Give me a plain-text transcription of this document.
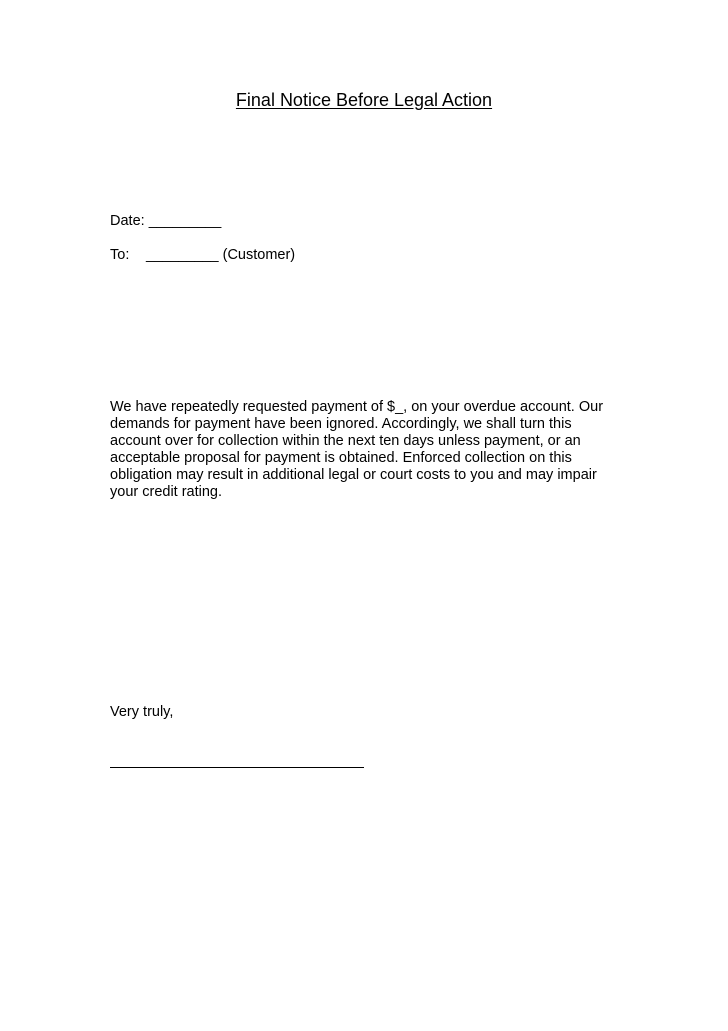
Final Notice Before Legal Action
Date: _________
To: _________ (Customer)
We have repeatedly requested payment of $_, on your overdue account. Our
demands for payment have been ignored. Accordingly, we shall turn this
account over for collection within the next ten days unless payment, or an
acceptable proposal for payment is obtained. Enforced collection on this
obligation may result in additional legal or court costs to you and may impair
your credit rating.
Very truly,
